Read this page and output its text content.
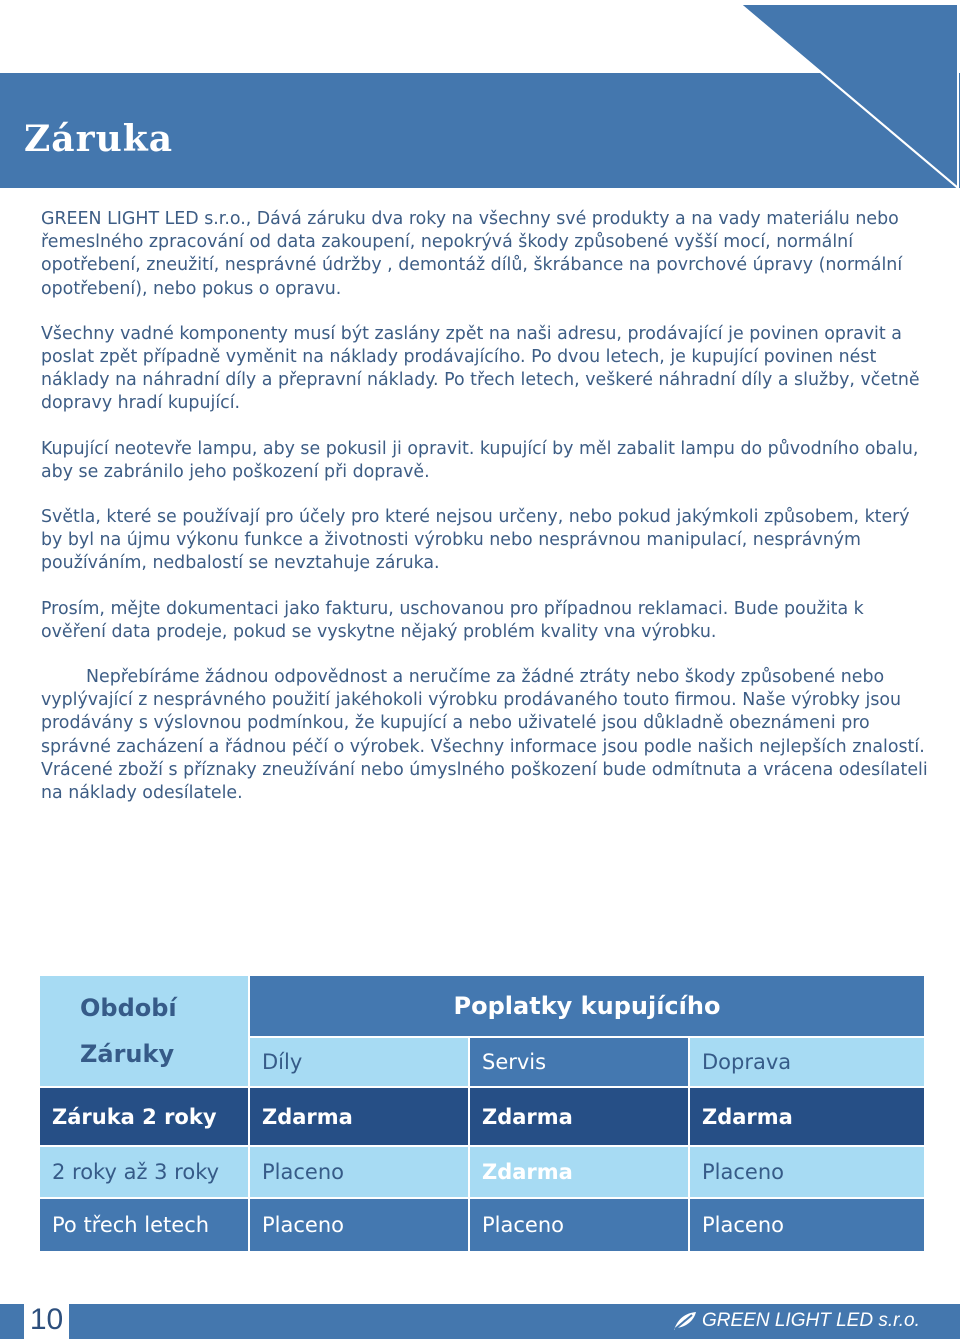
Záruka

GREEN LIGHT LED s.r.o., Dává záruku dva roky na všechny své produkty a na vady materiálu nebo řemeslného zpracování od data zakoupení, nepokrývá škody způsobené vyšší mocí, normální opotřebení, zneužití, nesprávné údržby , demontáž dílů, škrábance na povrchové úpravy (normální opotřebení), nebo pokus o opravu.

Všechny vadné komponenty musí být zaslány zpět na naši adresu, prodávající je povinen opravit a poslat zpět případně vyměnit na náklady prodávajícího. Po dvou letech, je kupující povinen nést náklady na náhradní díly a přepravní náklady. Po třech letech, veškeré náhradní díly a služby, včetně dopravy hradí kupující.

Kupující neotevře lampu, aby se pokusil ji opravit. kupující by měl zabalit lampu do původního obalu, aby se zabránilo jeho poškození při dopravě.

Světla, které se používají pro účely pro které nejsou určeny, nebo pokud jakýmkoli způsobem, který by byl na újmu výkonu funkce a životnosti výrobku nebo nesprávnou manipulací, nesprávným používáním, nedbalostí se nevztahuje záruka.

Prosím, mějte dokumentaci jako fakturu, uschovanou pro případnou reklamaci. Bude použita k ověření data prodeje, pokud se vyskytne nějaký problém kvality vna výrobku.

Nepřebíráme žádnou odpovědnost a neručíme za žádné ztráty nebo škody způsobené nebo vyplývající z nesprávného použití jakéhokoli výrobku prodávaného touto firmou. Naše výrobky jsou prodávány s výslovnou podmínkou, že kupující a nebo uživatelé jsou důkladně obeznámeni pro správné zacházení a řádnou péčí o výrobek. Všechny informace jsou podle našich nejlepších znalostí. Vrácené zboží s příznaky zneužívání nebo úmyslného poškození bude odmítnuta a vrácena odesílateli na náklady odesílatele.

Období
Záruky	Poplatky kupujícího		
	Díly	Servis	Doprava
Záruka 2 roky	Zdarma	Zdarma	Zdarma
2 roky až 3 roky	Placeno	Zdarma	Placeno
Po třech letech	Placeno	Placeno	Placeno
10	GREEN LIGHT LED s.r.o.
